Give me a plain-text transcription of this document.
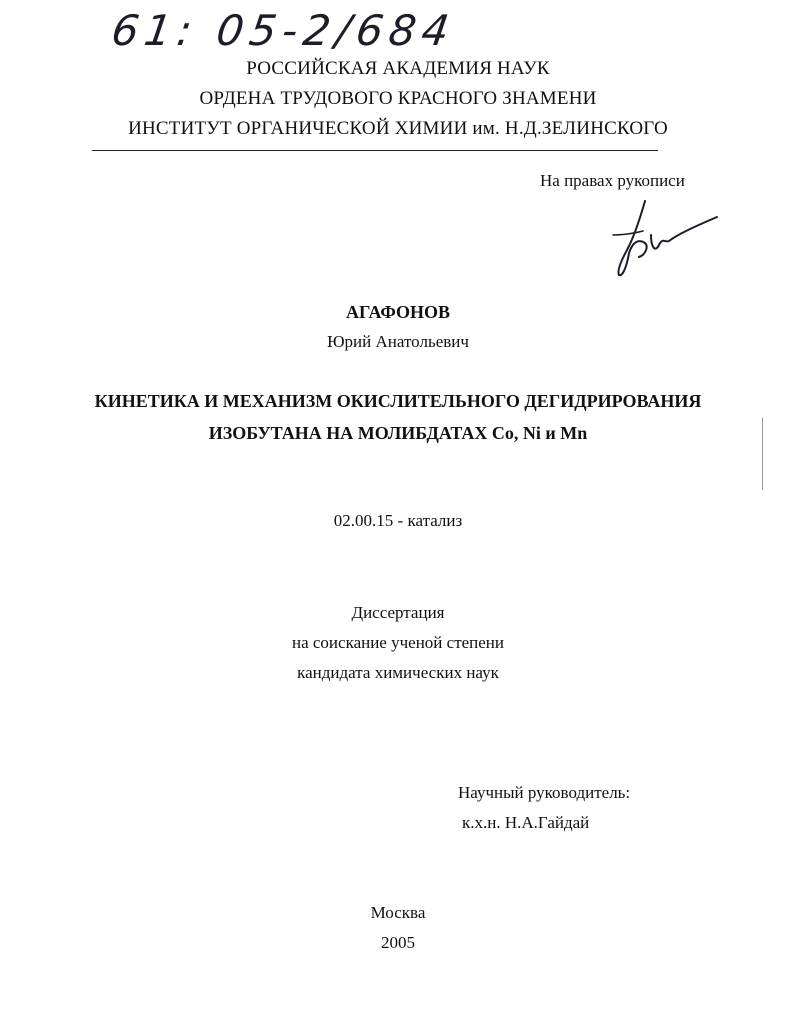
61: 05-2/684
РОССИЙСКАЯ АКАДЕМИЯ НАУК
ОРДЕНА ТРУДОВОГО КРАСНОГО ЗНАМЕНИ
ИНСТИТУТ ОРГАНИЧЕСКОЙ ХИМИИ им. Н.Д.ЗЕЛИНСКОГО
На правах рукописи
АГАФОНОВ
Юрий Анатольевич
КИНЕТИКА И МЕХАНИЗМ ОКИСЛИТЕЛЬНОГО ДЕГИДРИРОВАНИЯ
ИЗОБУТАНА НА МОЛИБДАТАХ Co, Ni и Mn
02.00.15 - катализ
Диссертация
на соискание ученой степени
кандидата химических наук
Научный руководитель:
к.х.н. Н.А.Гайдай
Москва
2005
